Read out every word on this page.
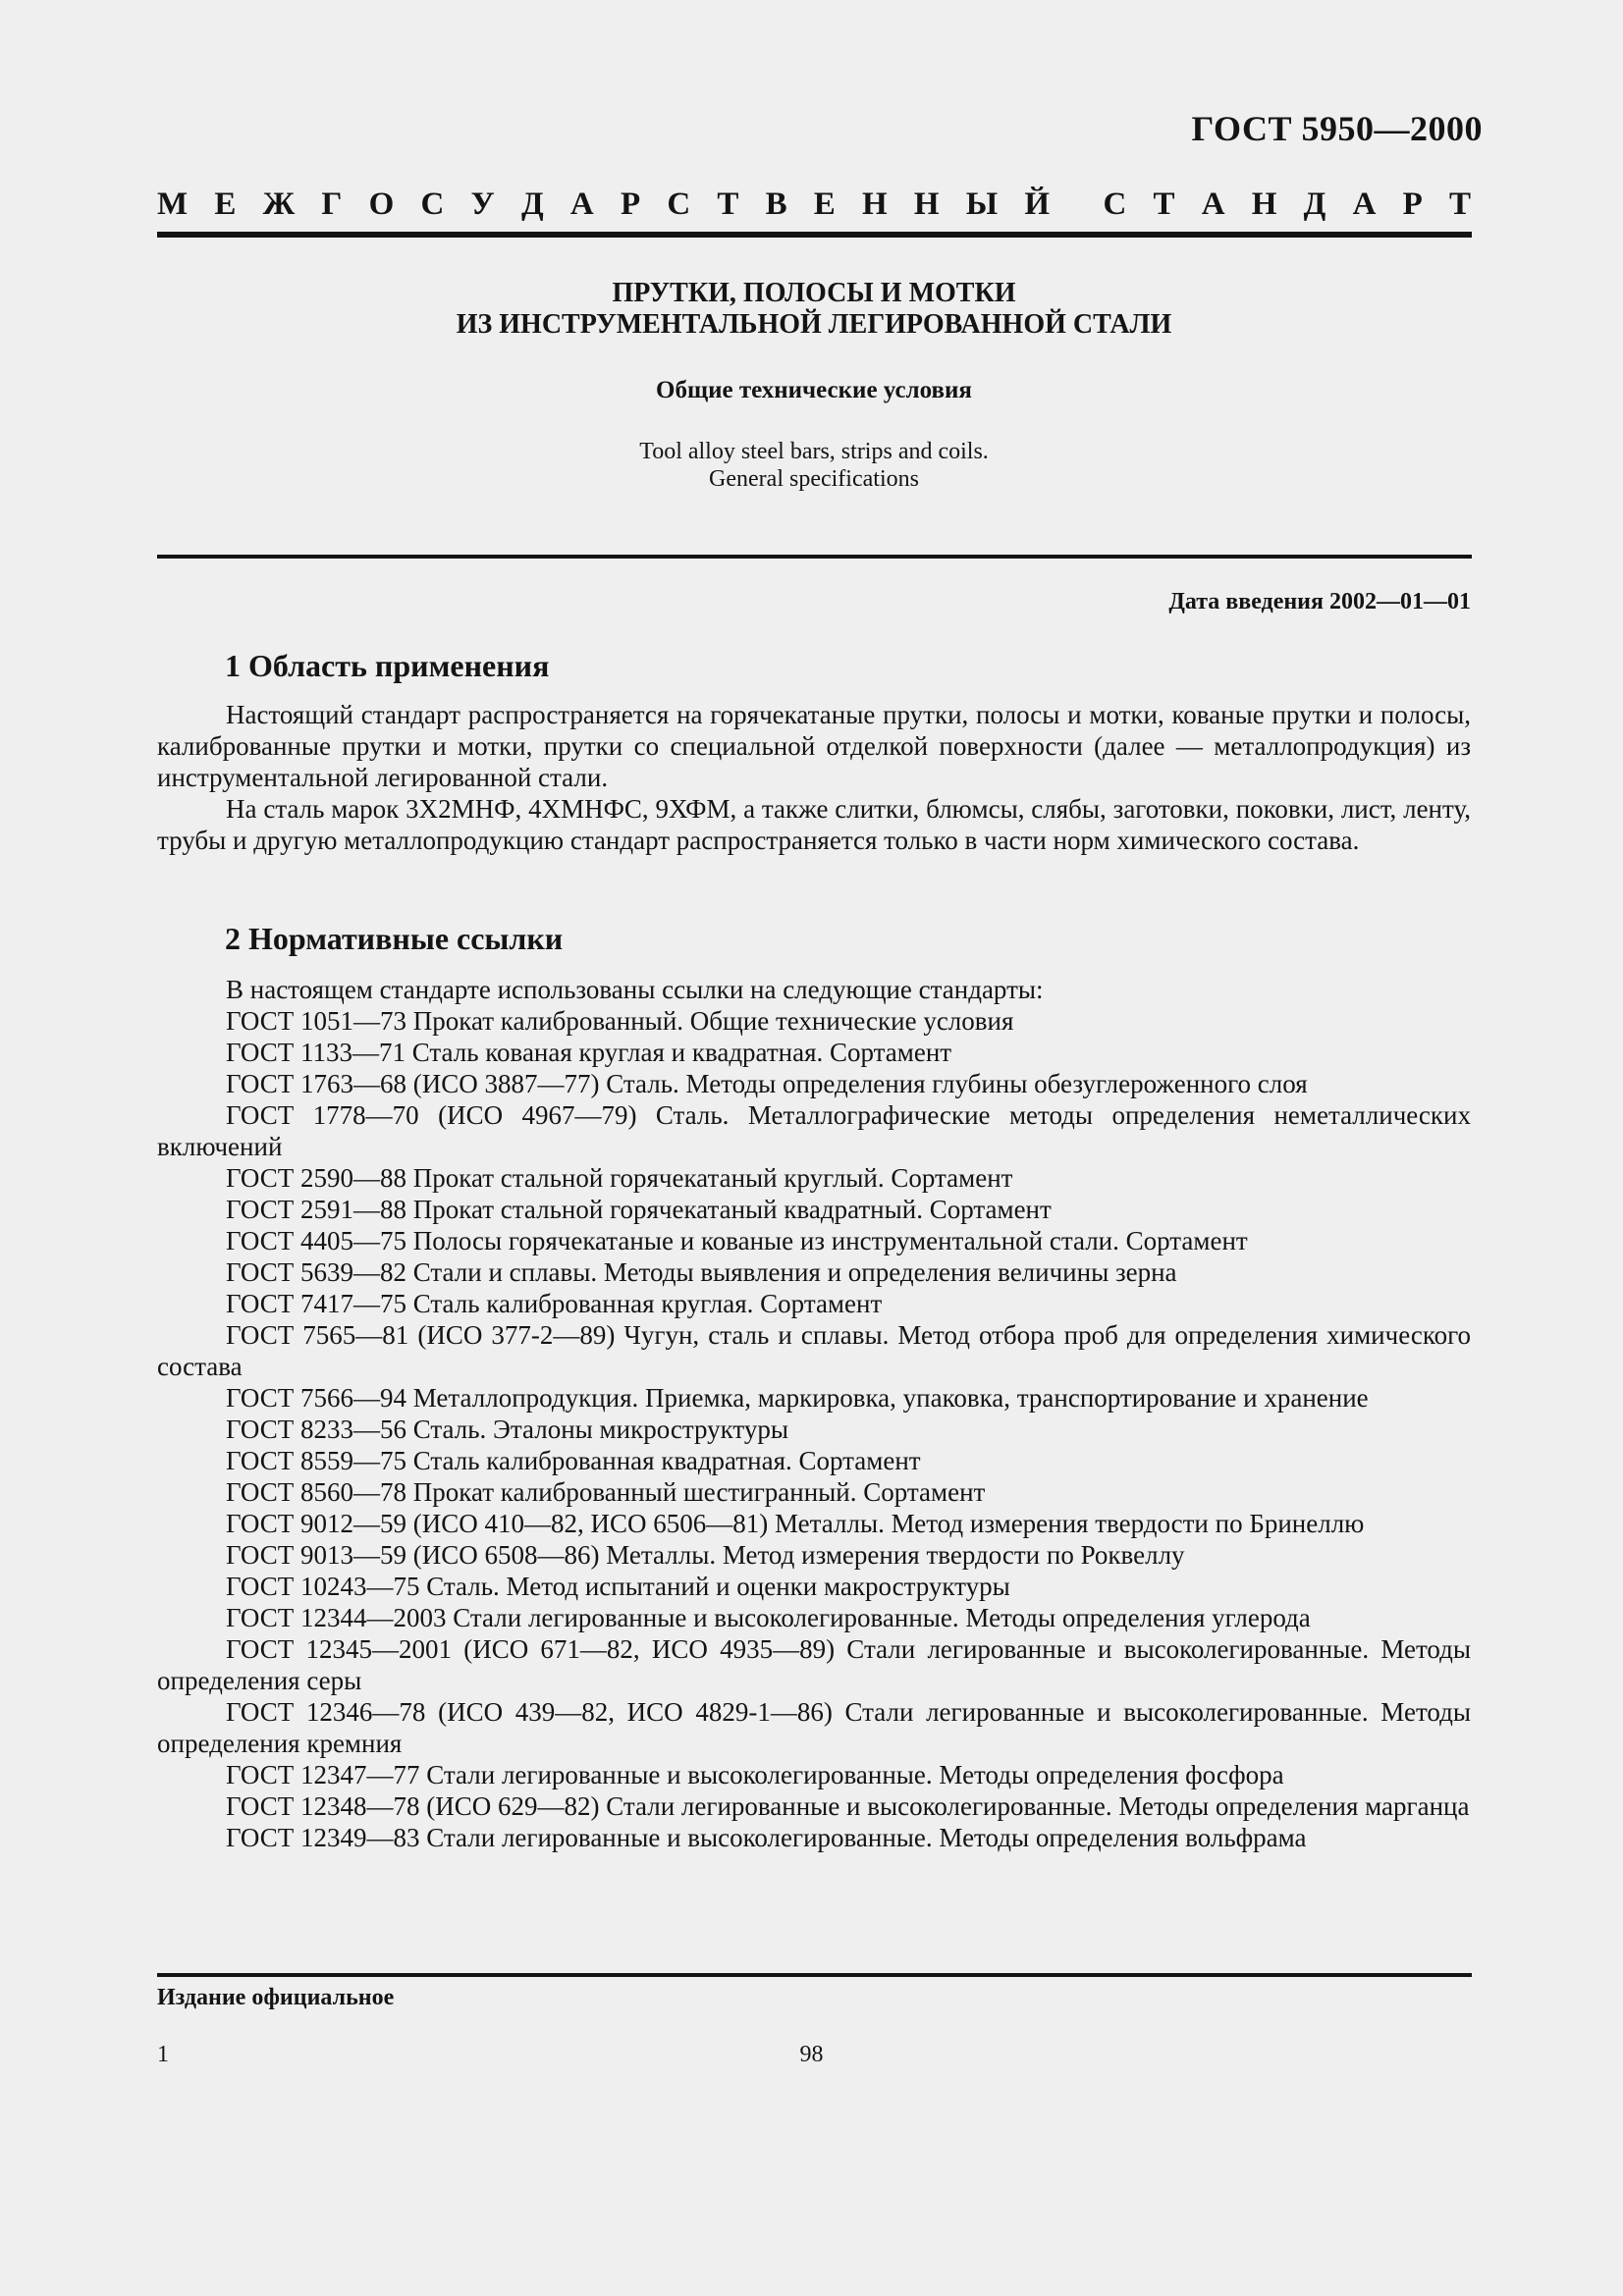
ГОСТ 5950—2000
М Е Ж Г О С У Д А Р С Т В Е Н Н Ы Й С Т А Н Д А Р Т
ПРУТКИ, ПОЛОСЫ И МОТКИ
ИЗ ИНСТРУМЕНТАЛЬНОЙ ЛЕГИРОВАННОЙ СТАЛИ
Общие технические условия
Tool alloy steel bars, strips and coils.
General specifications
Дата введения 2002—01—01
1 Область применения

Настоящий стандарт распространяется на горячекатаные прутки, полосы и мотки, кованые прутки и полосы, калиброванные прутки и мотки, прутки со специальной отделкой поверхности (далее — металлопродукция) из инструментальной легированной стали.

На сталь марок 3Х2МНФ, 4ХМНФС, 9ХФМ, а также слитки, блюмсы, слябы, заготовки, поковки, лист, ленту, трубы и другую металлопродукцию стандарт распространяется только в части норм химического состава.

2 Нормативные ссылки

В настоящем стандарте использованы ссылки на следующие стандарты:

ГОСТ 1051—73 Прокат калиброванный. Общие технические условия

ГОСТ 1133—71 Сталь кованая круглая и квадратная. Сортамент

ГОСТ 1763—68 (ИСО 3887—77) Сталь. Методы определения глубины обезуглероженного слоя

ГОСТ 1778—70 (ИСО 4967—79) Сталь. Металлографические методы определения неметаллических включений

ГОСТ 2590—88 Прокат стальной горячекатаный круглый. Сортамент

ГОСТ 2591—88 Прокат стальной горячекатаный квадратный. Сортамент

ГОСТ 4405—75 Полосы горячекатаные и кованые из инструментальной стали. Сортамент

ГОСТ 5639—82 Стали и сплавы. Методы выявления и определения величины зерна

ГОСТ 7417—75 Сталь калиброванная круглая. Сортамент

ГОСТ 7565—81 (ИСО 377-2—89) Чугун, сталь и сплавы. Метод отбора проб для определения химического состава

ГОСТ 7566—94 Металлопродукция. Приемка, маркировка, упаковка, транспортирование и хранение

ГОСТ 8233—56 Сталь. Эталоны микроструктуры

ГОСТ 8559—75 Сталь калиброванная квадратная. Сортамент

ГОСТ 8560—78 Прокат калиброванный шестигранный. Сортамент

ГОСТ 9012—59 (ИСО 410—82, ИСО 6506—81) Металлы. Метод измерения твердости по Бринеллю

ГОСТ 9013—59 (ИСО 6508—86) Металлы. Метод измерения твердости по Роквеллу

ГОСТ 10243—75 Сталь. Метод испытаний и оценки макроструктуры

ГОСТ 12344—2003 Стали легированные и высоколегированные. Методы определения углерода

ГОСТ 12345—2001 (ИСО 671—82, ИСО 4935—89) Стали легированные и высоколегированные. Методы определения серы

ГОСТ 12346—78 (ИСО 439—82, ИСО 4829-1—86) Стали легированные и высоколегированные. Методы определения кремния

ГОСТ 12347—77 Стали легированные и высоколегированные. Методы определения фосфора

ГОСТ 12348—78 (ИСО 629—82) Стали легированные и высоколегированные. Методы определения марганца

ГОСТ 12349—83 Стали легированные и высоколегированные. Методы определения вольфрама

Издание официальное
1	98
